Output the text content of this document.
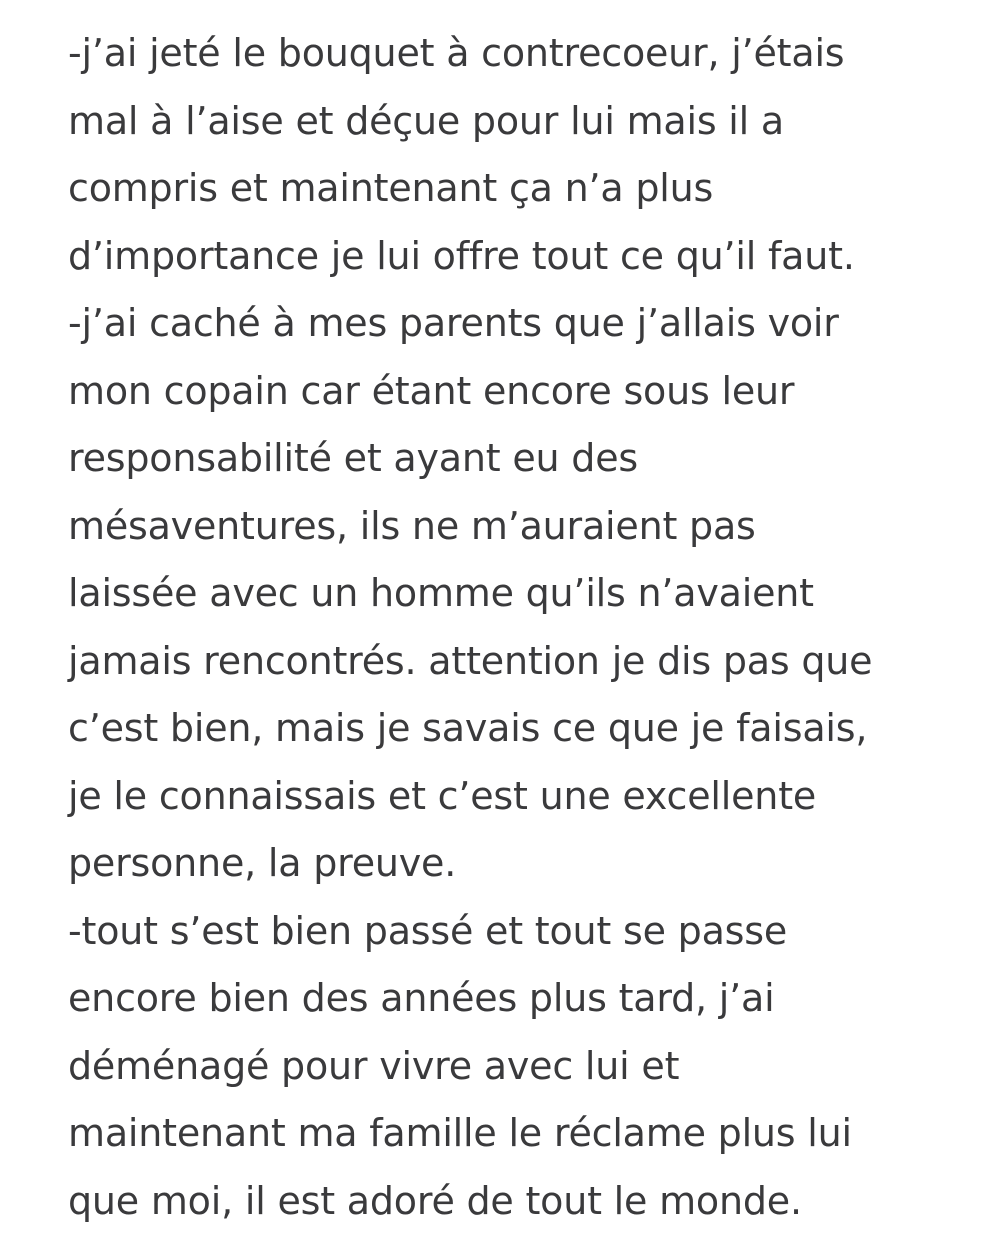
-j’ai jeté le bouquet à contrecoeur, j’étais
mal à l’aise et déçue pour lui mais il a
compris et maintenant ça n’a plus
d’importance je lui offre tout ce qu’il faut.
-j’ai caché à mes parents que j’allais voir
mon copain car étant encore sous leur
responsabilité et ayant eu des
mésaventures, ils ne m’auraient pas
laissée avec un homme qu’ils n’avaient
jamais rencontrés. attention je dis pas que
c’est bien, mais je savais ce que je faisais,
je le connaissais et c’est une excellente
personne, la preuve.
-tout s’est bien passé et tout se passe
encore bien des années plus tard, j’ai
déménagé pour vivre avec lui et
maintenant ma famille le réclame plus lui
que moi, il est adoré de tout le monde.
